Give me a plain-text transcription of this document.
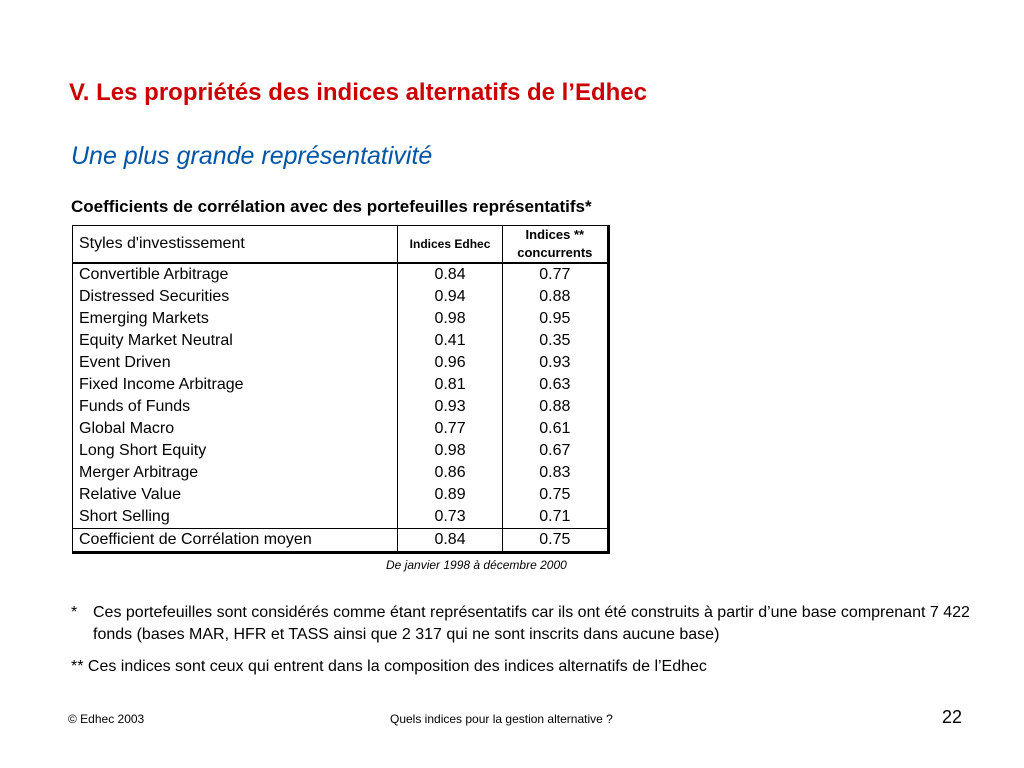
V. Les propriétés des indices alternatifs de l’Edhec
Une plus grande représentativité
Coefficients de corrélation avec des portefeuilles représentatifs*
Styles d'investissement	Indices Edhec	Indices **
concurrents
Convertible Arbitrage	0.84	0.77
Distressed Securities	0.94	0.88
Emerging Markets	0.98	0.95
Equity Market Neutral	0.41	0.35
Event Driven	0.96	0.93
Fixed Income Arbitrage	0.81	0.63
Funds of Funds	0.93	0.88
Global Macro	0.77	0.61
Long Short Equity	0.98	0.67
Merger Arbitrage	0.86	0.83
Relative Value	0.89	0.75
Short Selling	0.73	0.71
Coefficient de Corrélation moyen	0.84	0.75
De janvier 1998 à décembre 2000
* Ces portefeuilles sont considérés comme étant représentatifs car ils ont été construits à partir d’une base comprenant 7 422 fonds (bases MAR, HFR et TASS ainsi que 2 317 qui ne sont inscrits dans aucune base)
** Ces indices sont ceux qui entrent dans la composition des indices alternatifs de l’Edhec
© Edhec 2003	Quels indices pour la gestion alternative ?	22
